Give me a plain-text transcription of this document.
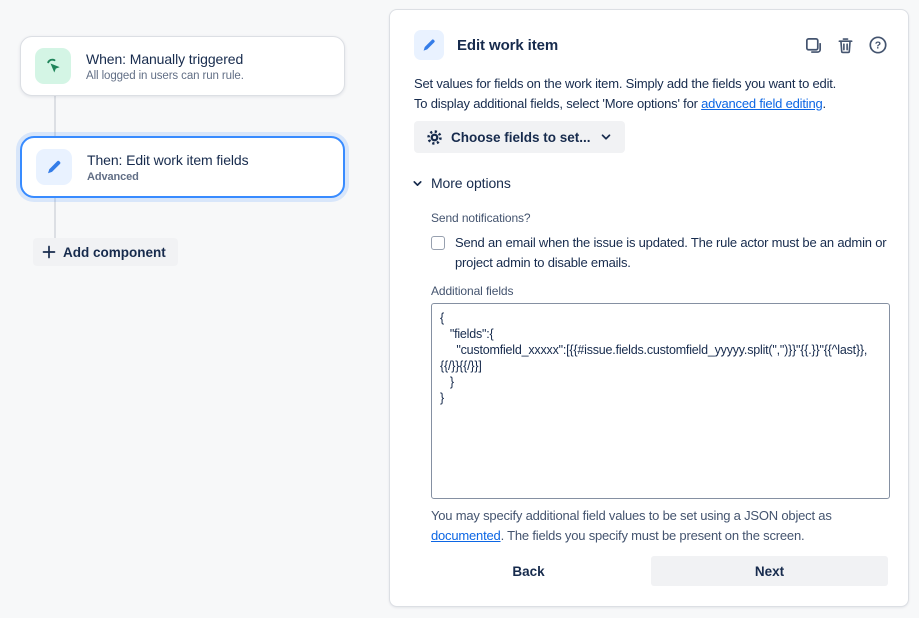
When: Manually triggered
All logged in users can run rule.
Then: Edit work item fields
Advanced
Add component
Edit work item	?

Set values for fields on the work item. Simply add the fields you want to edit.
To display additional fields, select 'More options' for advanced field editing.

Choose fields to set...
More options
Send notifications?
Send an email when the issue is updated. The rule actor must be an admin or project admin to disable emails.
Additional fields
{ "fields":{ "customfield_xxxxx":[{{#issue.fields.customfield_yyyyy.split(",")}}"{{.}}"{{^last}},{{/}}{{/}}] } }

You may specify additional field values to be set using a JSON object as documented. The fields you specify must be present on the screen.

Back	Next
